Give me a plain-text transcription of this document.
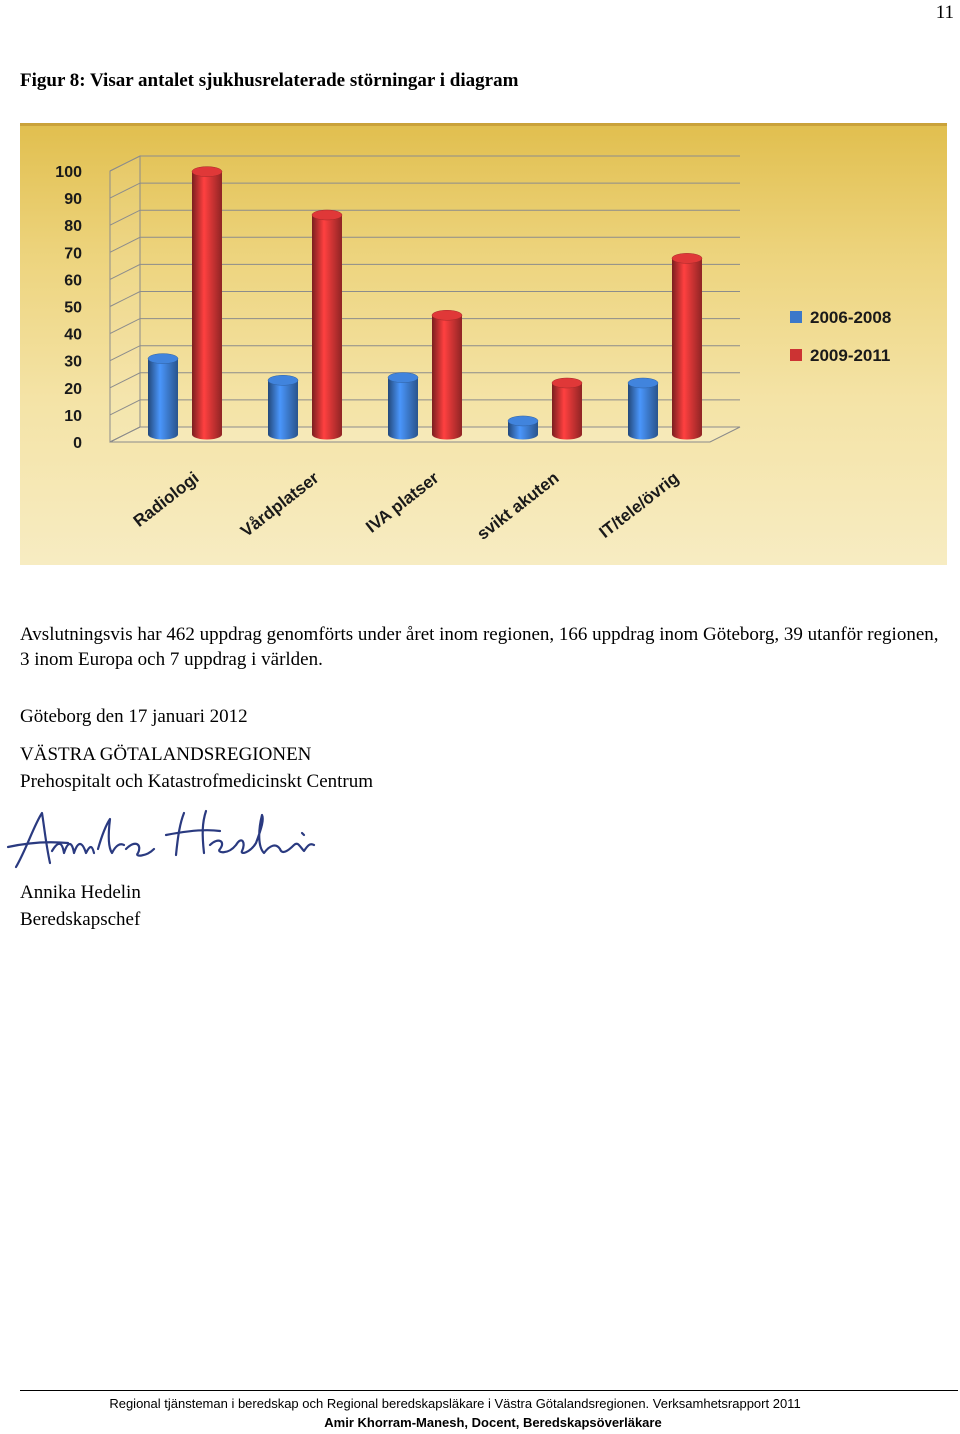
11
Figur 8: Visar antalet sjukhusrelaterade störningar i diagram
0
10
20
30
40
50
60
70
80
90
100
Radiologi Vårdplatser IVA platser svikt akuten IT/tele/övrig
2006-2008
2009-2011
Avslutningsvis har 462 uppdrag genomförts under året inom regionen, 166 uppdrag inom Göteborg, 39 utanför regionen, 3 inom Europa och 7 uppdrag i världen.
Göteborg den 17 januari 2012
VÄSTRA GÖTALANDSREGIONEN
Prehospitalt och Katastrofmedicinskt Centrum
Annika Hedelin
Beredskapschef
Regional tjänsteman i beredskap och Regional beredskapsläkare i Västra Götalandsregionen. Verksamhetsrapport 2011
Amir Khorram-Manesh, Docent, Beredskapsöverläkare
